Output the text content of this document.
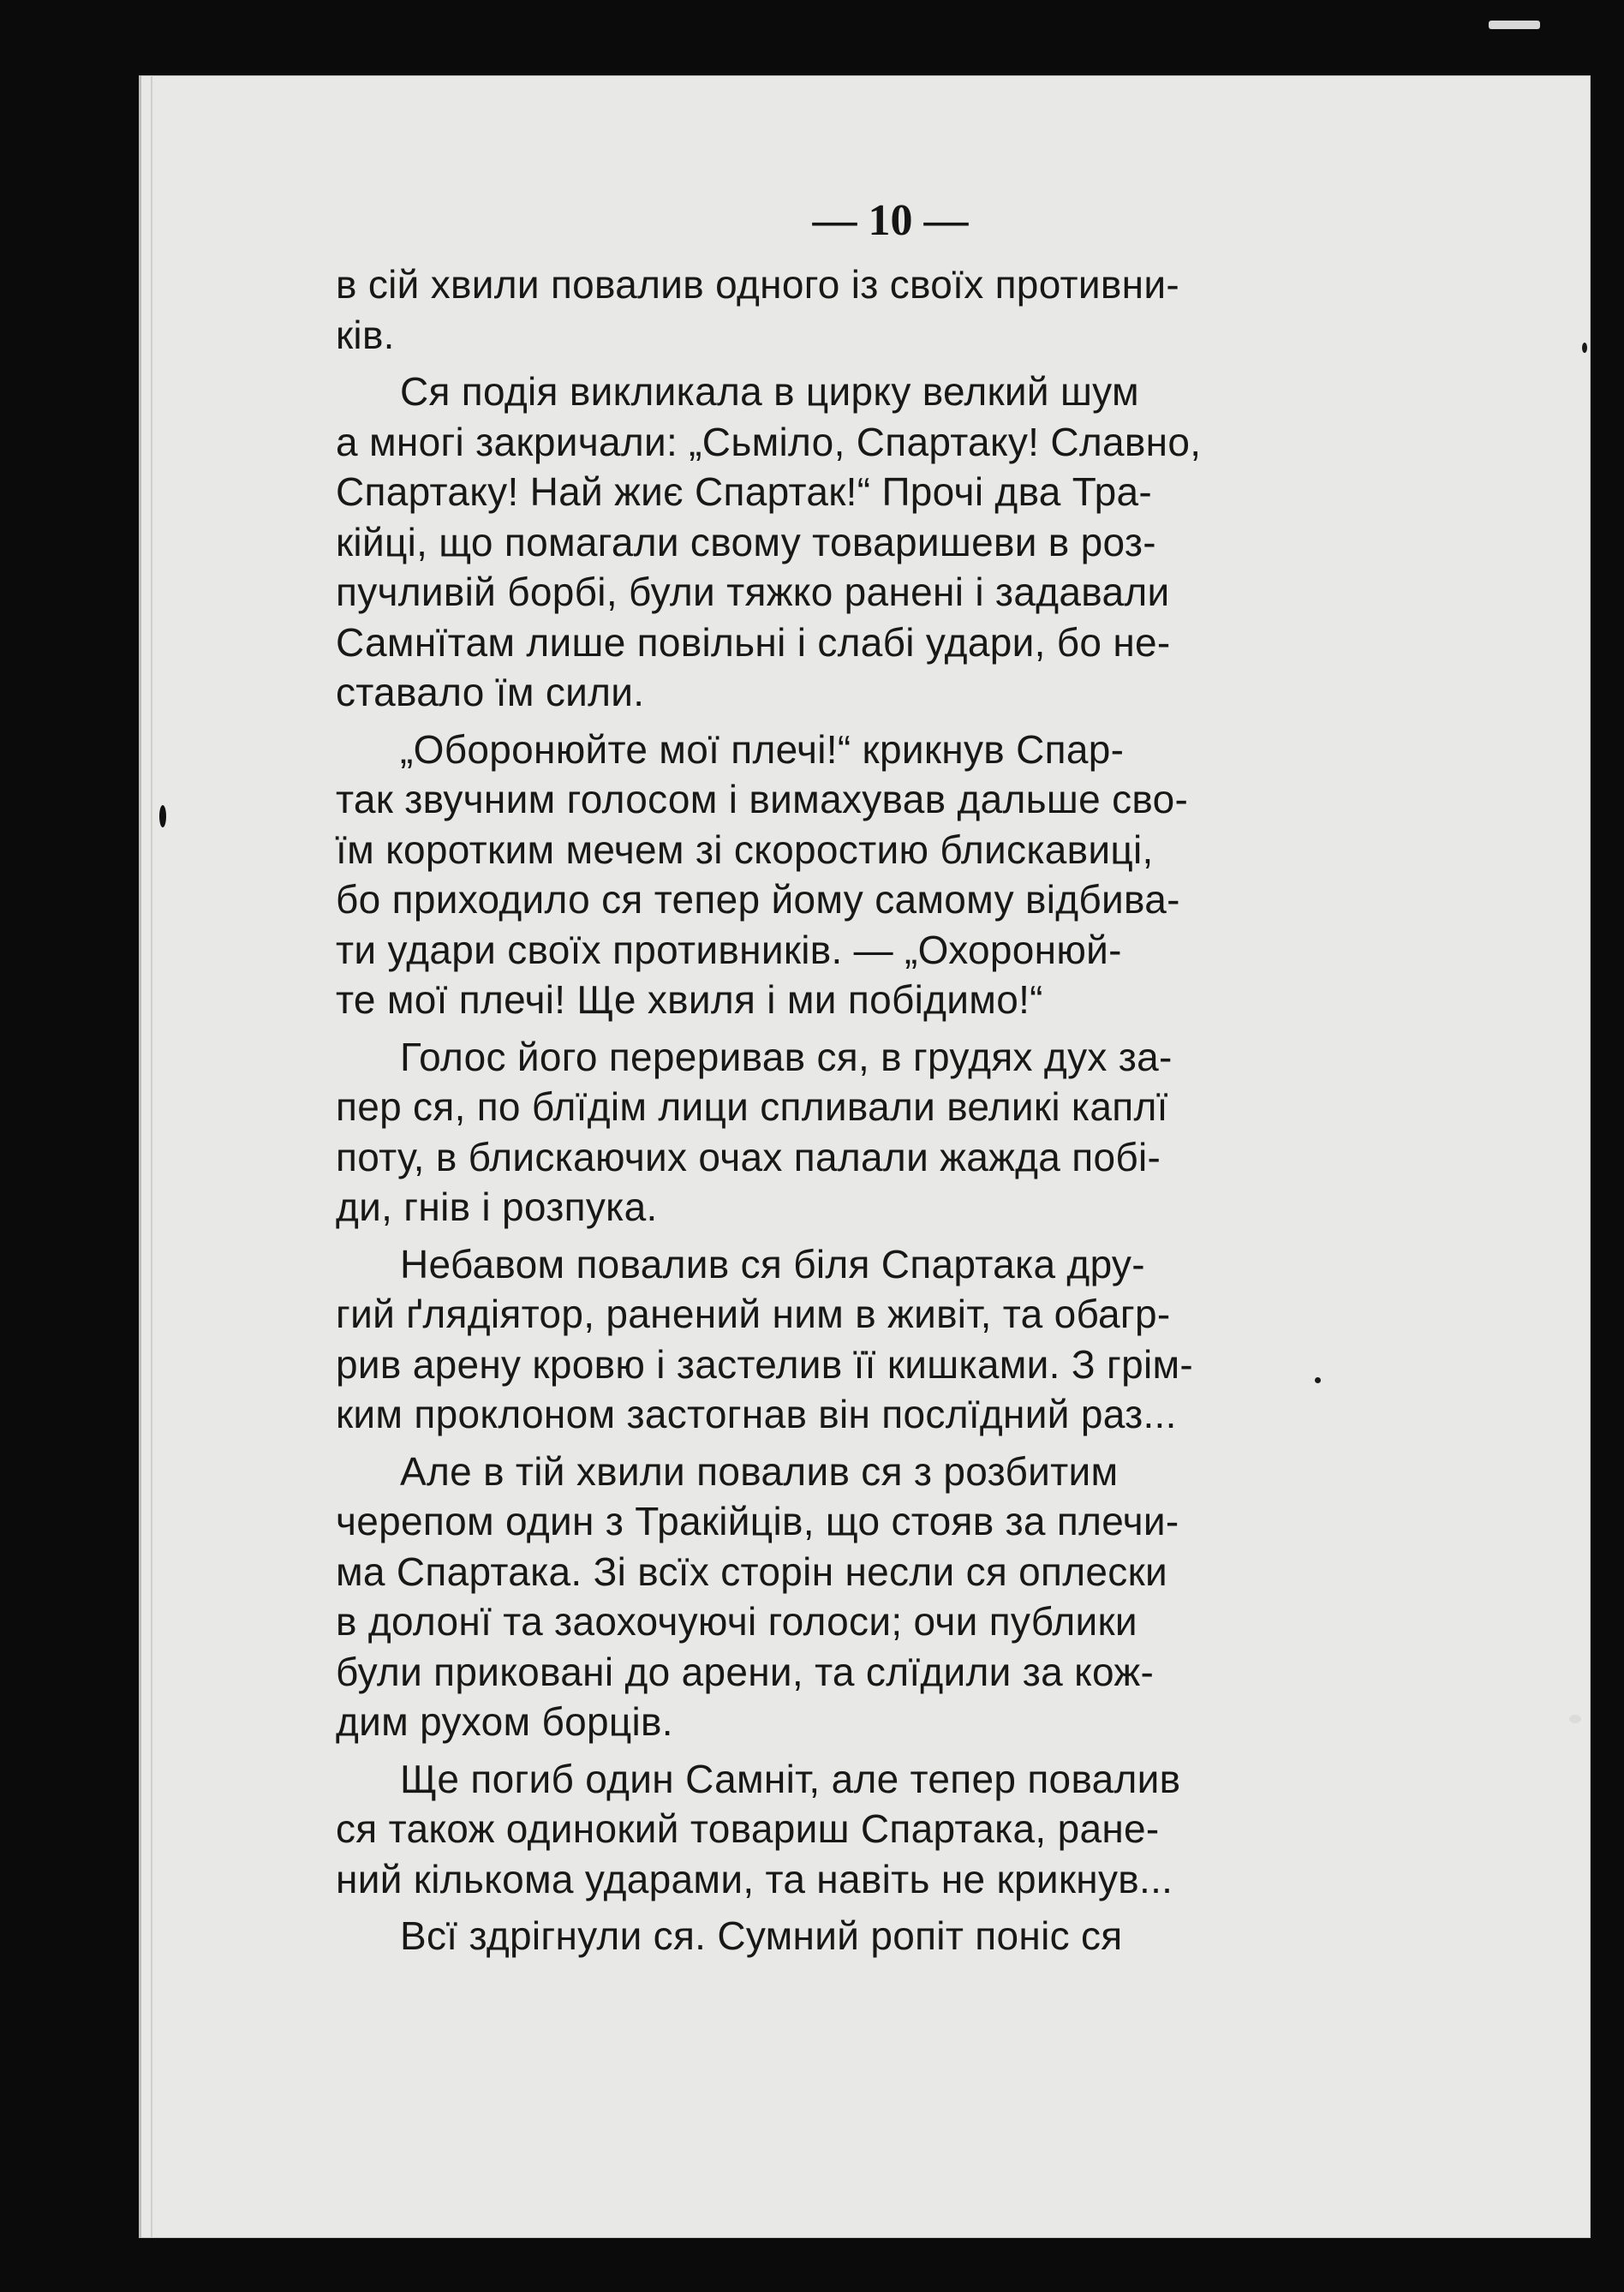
— 10 —

в сій хвили повалив одного із своїх противни-
ків.

Ся подія викликала в цирку велкий шум
а многі закричали: „Сьміло, Спартаку! Славно,
Спартаку! Най жиє Спартак!“ Прочі два Тра-
кійці, що помагали свому товаришеви в роз-
пучливій борбі, були тяжко ранені і задавали
Самнїтам лише повільні і слабі удари, бо не-
ставало їм сили.

„Оборонюйте мої плечі!“ крикнув Спар-
так звучним голосом і вимахував дальше сво-
їм коротким мечем зі скоростию блискавиці,
бо приходило ся тепер йому самому відбива-
ти удари своїх противників. — „Охоронюй-
те мої плечі! Ще хвиля і ми побідимо!“

Голос його переривав ся, в грудях дух за-
пер ся, по блїдім лици спливали великі каплї
поту, в блискаючих очах палали жажда побі-
ди, гнів і розпука.

Небавом повалив ся біля Спартака дру-
гий ґлядіятор, ранений ним в живіт, та обагр-
рив арену кровю і застелив її кишками. З грім-
ким проклоном застогнав він послїдний раз...

Але в тій хвили повалив ся з розбитим
черепом один з Тракійців, що стояв за плечи-
ма Спартака. Зі всїх сторін несли ся оплески
в долонї та заохочуючі голоси; очи публики
були приковані до арени, та слїдили за кож-
дим рухом борців.

Ще погиб один Самніт, але тепер повалив
ся також одинокий товариш Спартака, ране-
ний кількома ударами, та навіть не крикнув...

Всї здрігнули ся. Сумний ропіт поніс ся
